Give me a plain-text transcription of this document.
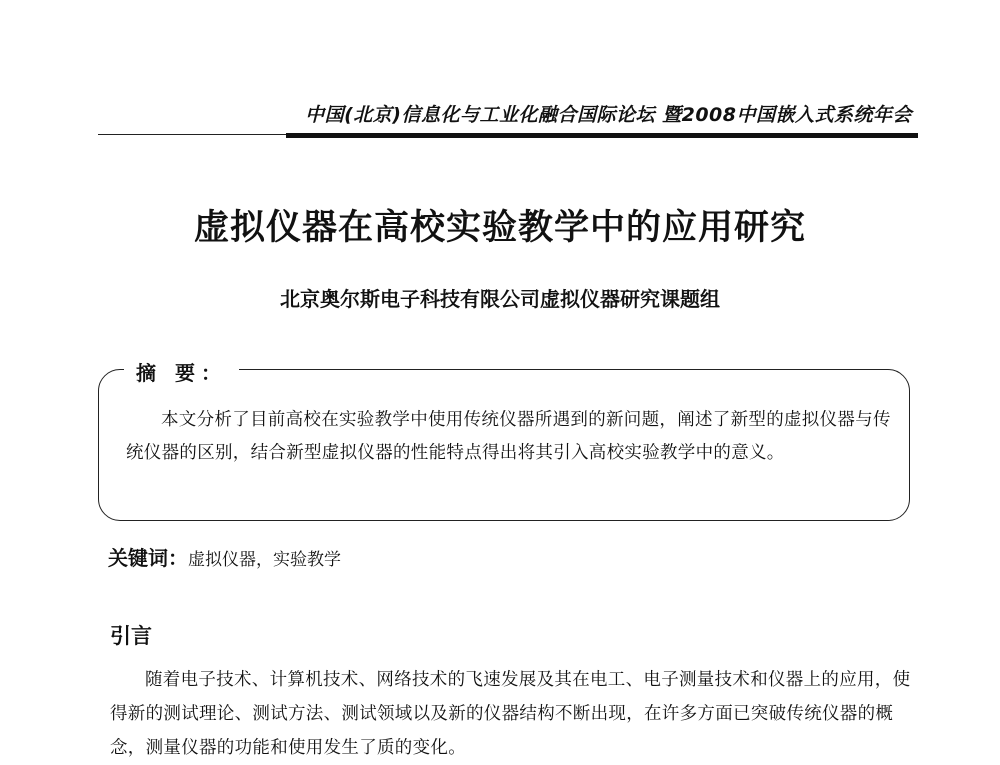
中国(北京)信息化与工业化融合国际论坛 暨2008中国嵌入式系统年会
虚拟仪器在高校实验教学中的应用研究
北京奥尔斯电子科技有限公司虚拟仪器研究课题组
摘 要：

本文分析了目前高校在实验教学中使用传统仪器所遇到的新问题，阐述了新型的虚拟仪器与传统仪器的区别，结合新型虚拟仪器的性能特点得出将其引入高校实验教学中的意义。

关键词：虚拟仪器，实验教学
引言

随着电子技术、计算机技术、网络技术的飞速发展及其在电工、电子测量技术和仪器上的应用，使得新的测试理论、测试方法、测试领域以及新的仪器结构不断出现，在许多方面已突破传统仪器的概念，测量仪器的功能和使用发生了质的变化。
